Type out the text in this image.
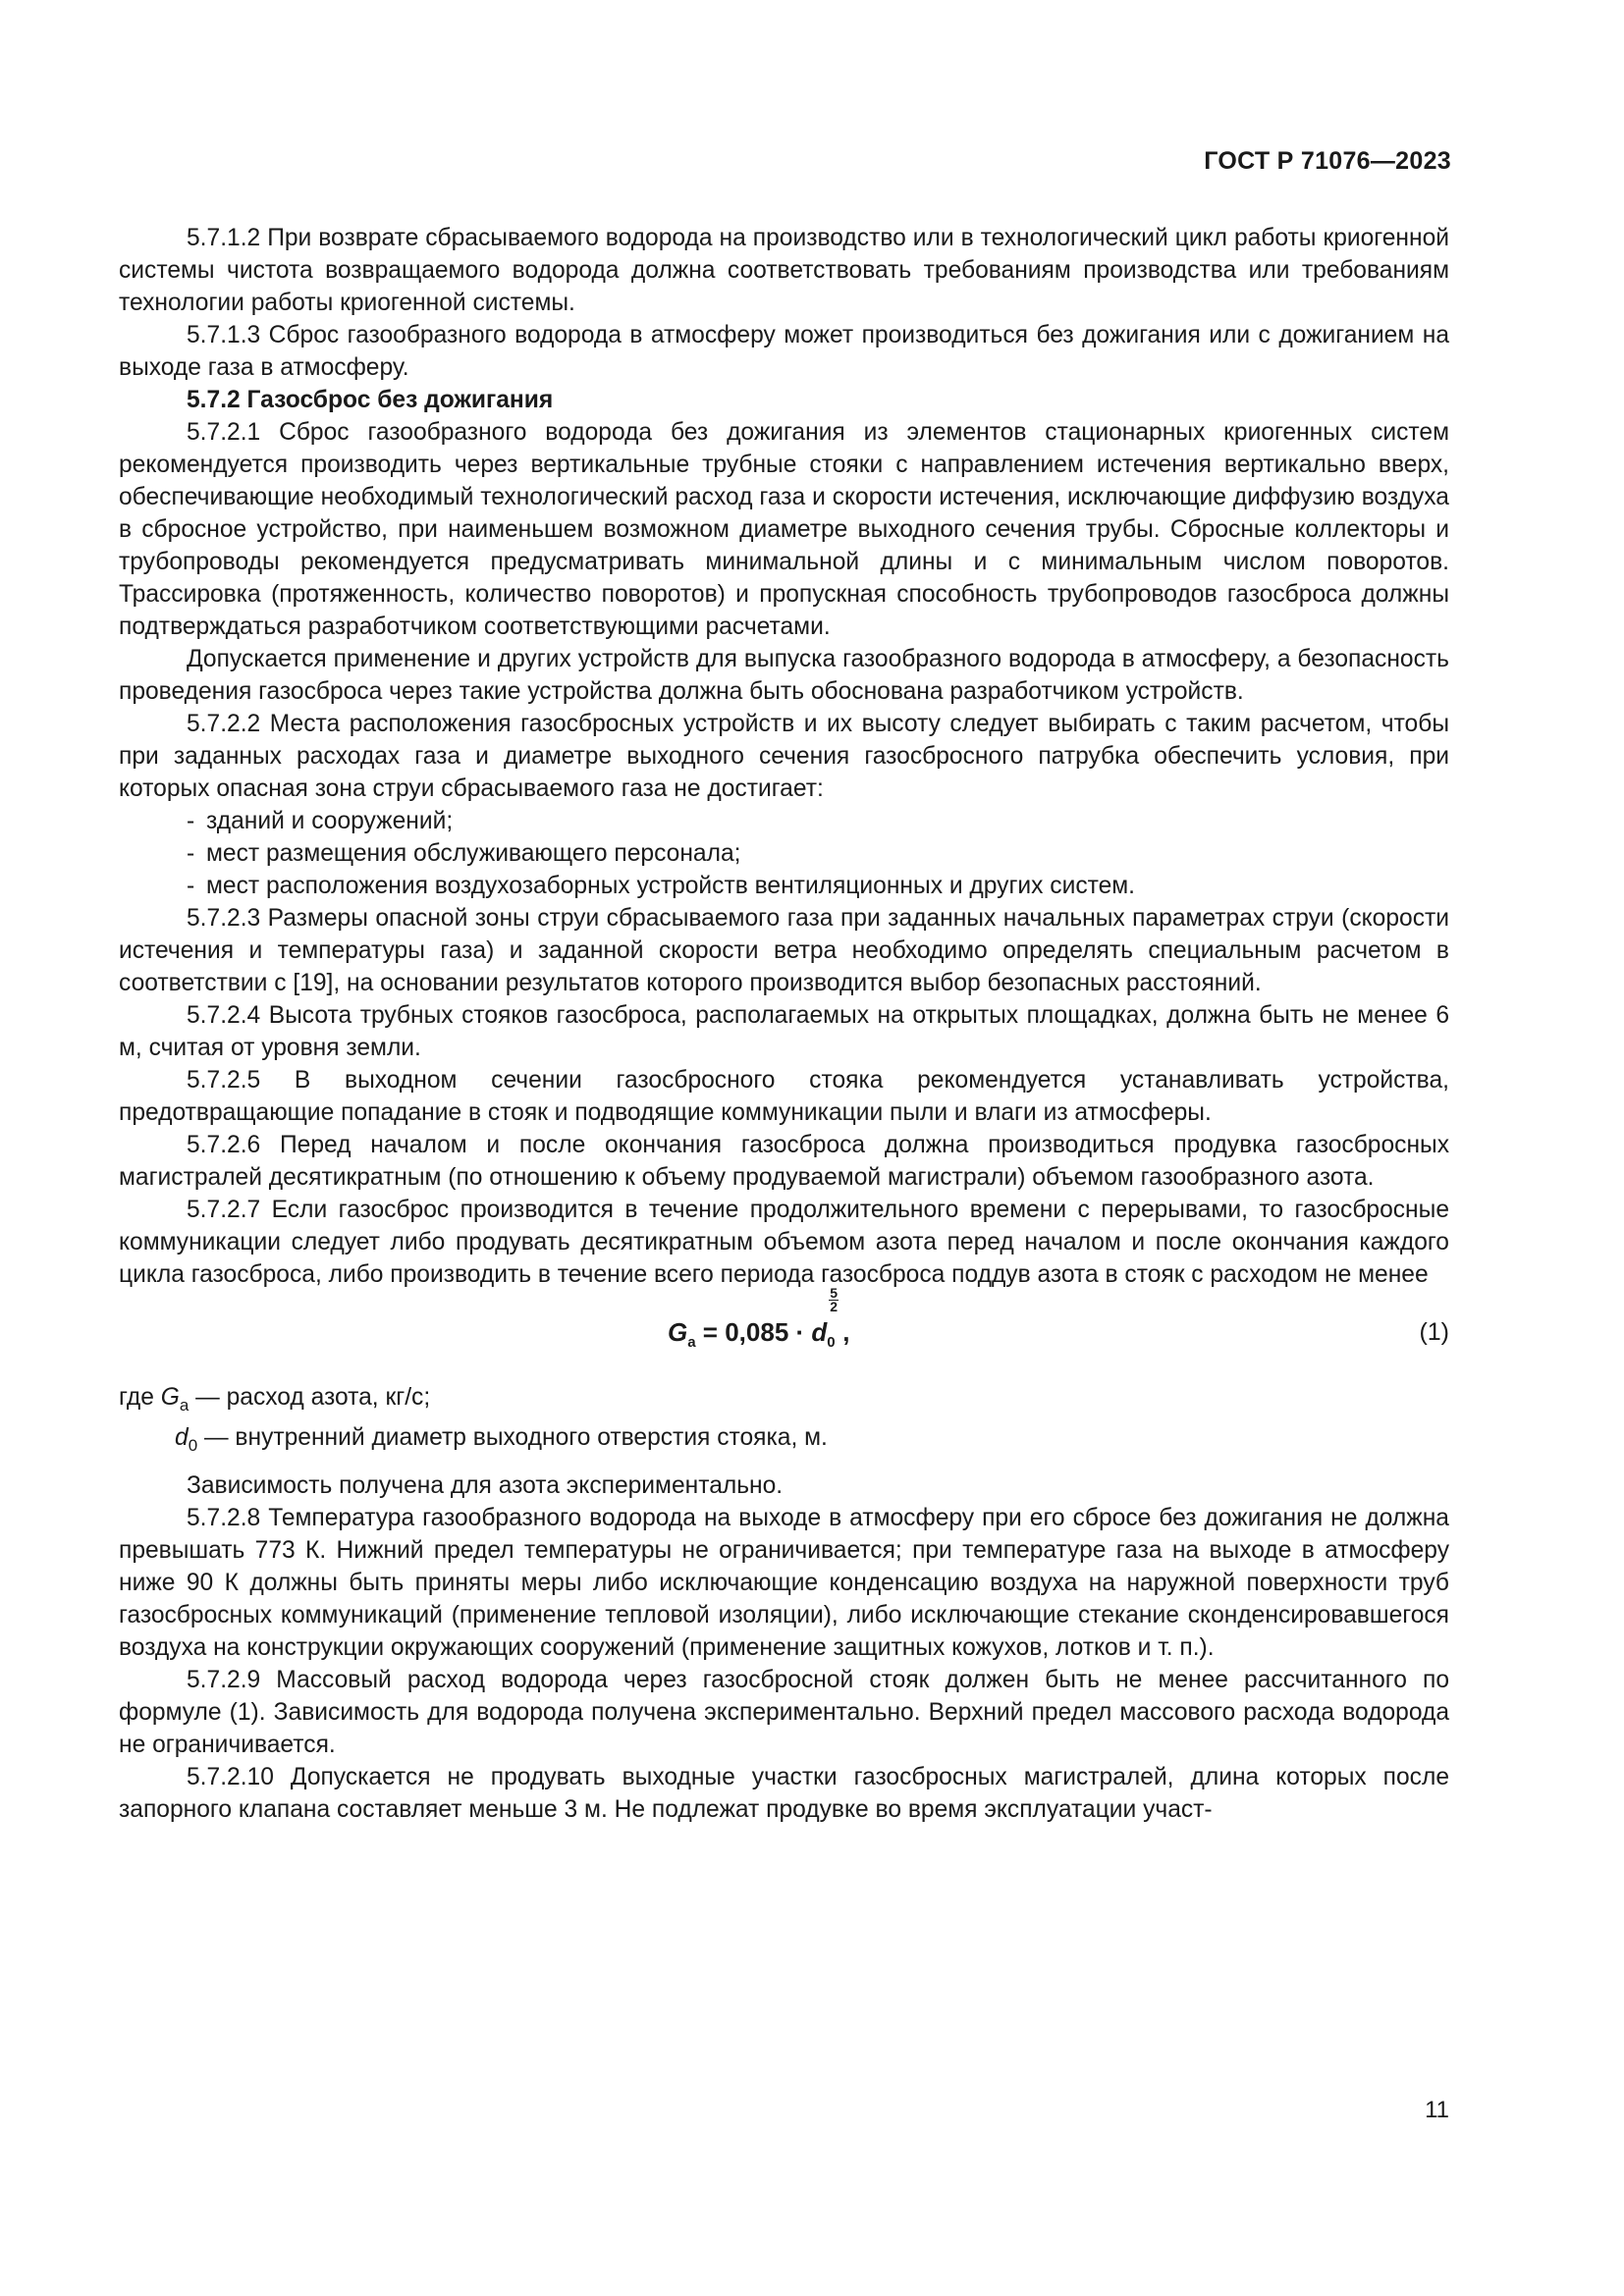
ГОСТ Р 71076—2023

5.7.1.2 При возврате сбрасываемого водорода на производство или в технологический цикл работы криогенной системы чистота возвращаемого водорода должна соответствовать требованиям производства или требованиям технологии работы криогенной системы.

5.7.1.3 Сброс газообразного водорода в атмосферу может производиться без дожигания или с дожиганием на выходе газа в атмосферу.

5.7.2 Газосброс без дожигания

5.7.2.1 Сброс газообразного водорода без дожигания из элементов стационарных криогенных систем рекомендуется производить через вертикальные трубные стояки с направлением истечения вертикально вверх, обеспечивающие необходимый технологический расход газа и скорости истечения, исключающие диффузию воздуха в сбросное устройство, при наименьшем возможном диаметре выходного сечения трубы. Сбросные коллекторы и трубопроводы рекомендуется предусматривать минимальной длины и с минимальным числом поворотов. Трассировка (протяженность, количество поворотов) и пропускная способность трубопроводов газосброса должны подтверждаться разработчиком соответствующими расчетами.

Допускается применение и других устройств для выпуска газообразного водорода в атмосферу, а безопасность проведения газосброса через такие устройства должна быть обоснована разработчиком устройств.

5.7.2.2 Места расположения газосбросных устройств и их высоту следует выбирать с таким расчетом, чтобы при заданных расходах газа и диаметре выходного сечения газосбросного патрубка обеспечить условия, при которых опасная зона струи сбрасываемого газа не достигает:

- зданий и сооружений;

- мест размещения обслуживающего персонала;

- мест расположения воздухозаборных устройств вентиляционных и других систем.

5.7.2.3 Размеры опасной зоны струи сбрасываемого газа при заданных начальных параметрах струи (скорости истечения и температуры газа) и заданной скорости ветра необходимо определять специальным расчетом в соответствии с [19], на основании результатов которого производится выбор безопасных расстояний.

5.7.2.4 Высота трубных стояков газосброса, располагаемых на открытых площадках, должна быть не менее 6 м, считая от уровня земли.

5.7.2.5 В выходном сечении газосбросного стояка рекомендуется устанавливать устройства, предотвращающие попадание в стояк и подводящие коммуникации пыли и влаги из атмосферы.

5.7.2.6 Перед началом и после окончания газосброса должна производиться продувка газосбросных магистралей десятикратным (по отношению к объему продуваемой магистрали) объемом газообразного азота.

5.7.2.7 Если газосброс производится в течение продолжительного времени с перерывами, то газосбросные коммуникации следует либо продувать десятикратным объемом азота перед началом и после окончания каждого цикла газосброса, либо производить в течение всего периода газосброса поддув азота в стояк с расходом не менее

$G_a = 0,085 \cdot d_0$
$\frac{5}{2}$
,	(1)

где $G_a$ — расход азота, кг/с;

$d_0$ — внутренний диаметр выходного отверстия стояка, м.

Зависимость получена для азота экспериментально.

5.7.2.8 Температура газообразного водорода на выходе в атмосферу при его сбросе без дожигания не должна превышать 773 К. Нижний предел температуры не ограничивается; при температуре газа на выходе в атмосферу ниже 90 К должны быть приняты меры либо исключающие конденсацию воздуха на наружной поверхности труб газосбросных коммуникаций (применение тепловой изоляции), либо исключающие стекание сконденсировавшегося воздуха на конструкции окружающих сооружений (применение защитных кожухов, лотков и т. п.).

5.7.2.9 Массовый расход водорода через газосбросной стояк должен быть не менее рассчитанного по формуле (1). Зависимость для водорода получена экспериментально. Верхний предел массового расхода водорода не ограничивается.

5.7.2.10 Допускается не продувать выходные участки газосбросных магистралей, длина которых после запорного клапана составляет меньше 3 м. Не подлежат продувке во время эксплуатации участ-

11
